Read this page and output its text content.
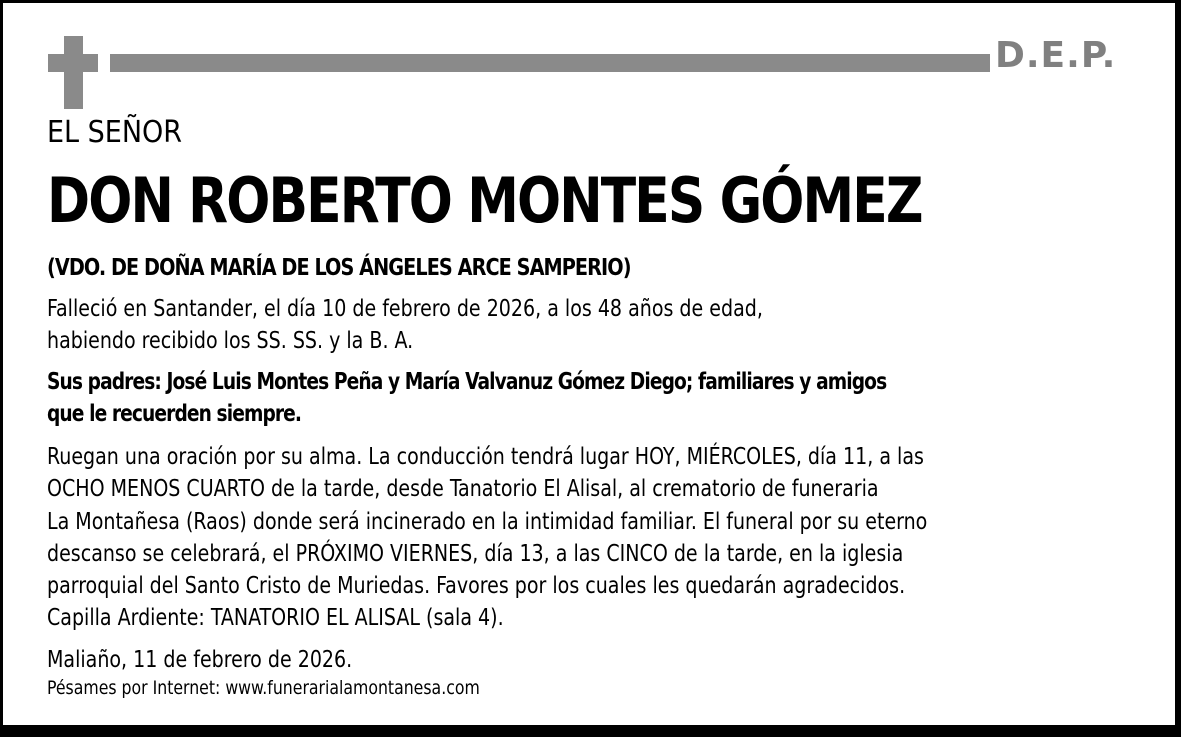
D.E.P.
EL SEÑOR
DON ROBERTO MONTES GÓMEZ
(VDO. DE DOÑA MARÍA DE LOS ÁNGELES ARCE SAMPERIO)
Falleció en Santander, el día 10 de febrero de 2026, a los 48 años de edad,
habiendo recibido los SS. SS. y la B. A.
Sus padres: José Luis Montes Peña y María Valvanuz Gómez Diego; familiares y amigos
que le recuerden siempre.
Ruegan una oración por su alma. La conducción tendrá lugar HOY, MIÉRCOLES, día 11, a las
OCHO MENOS CUARTO de la tarde, desde Tanatorio El Alisal, al crematorio de funeraria
La Montañesa (Raos) donde será incinerado en la intimidad familiar. El funeral por su eterno
descanso se celebrará, el PRÓXIMO VIERNES, día 13, a las CINCO de la tarde, en la iglesia
parroquial del Santo Cristo de Muriedas. Favores por los cuales les quedarán agradecidos.
Capilla Ardiente: TANATORIO EL ALISAL (sala 4).
Maliaño, 11 de febrero de 2026.
Pésames por Internet: www.funerarialamontanesa.com
